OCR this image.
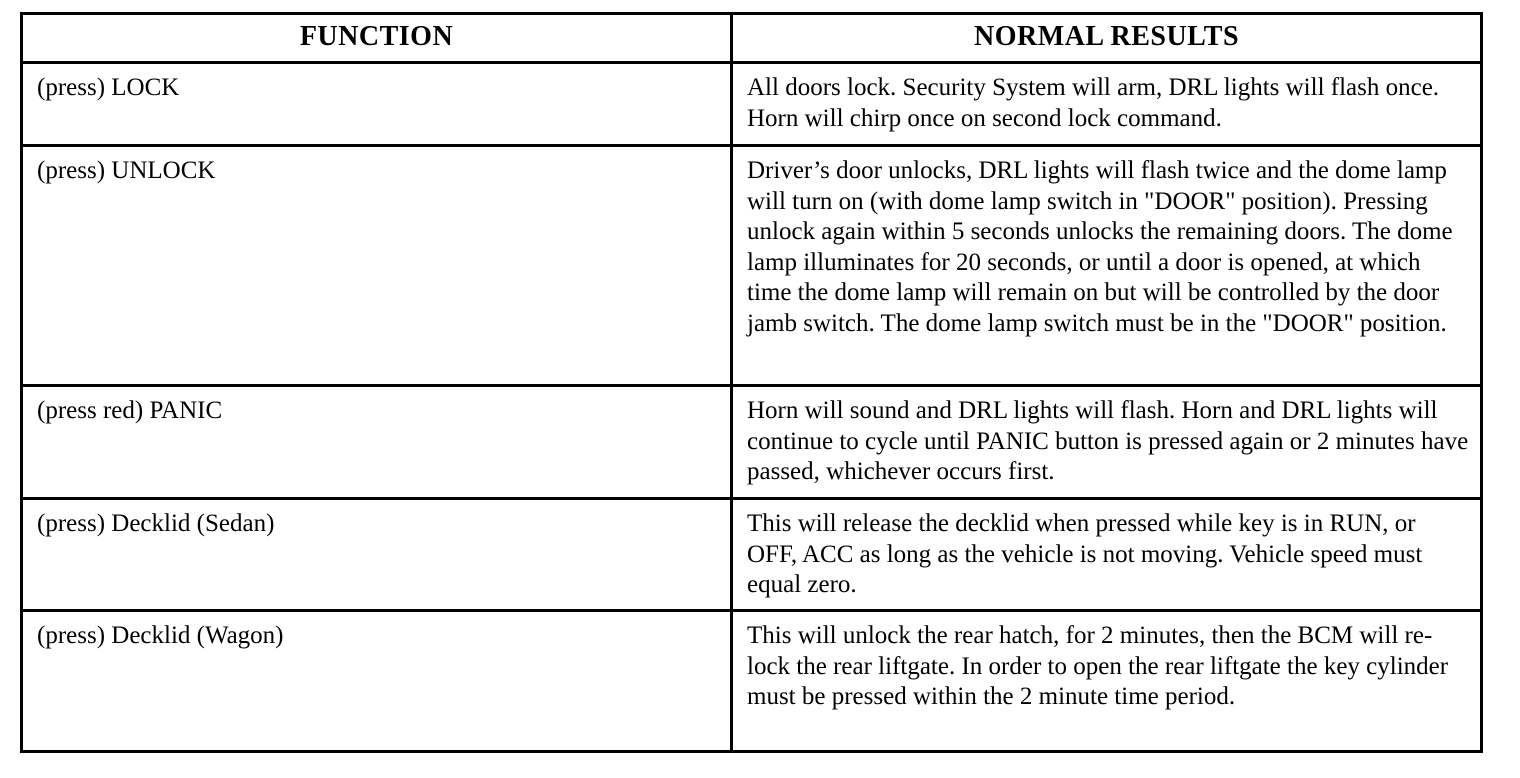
FUNCTION	NORMAL RESULTS
(press) LOCK	All doors lock. Security System will arm, DRL lights will flash once. Horn will chirp once on second lock command.
(press) UNLOCK	Driver’s door unlocks, DRL lights will flash twice and the dome lamp will turn on (with dome lamp switch in "DOOR" position). Pressing unlock again within 5 seconds unlocks the remaining doors. The dome lamp illuminates for 20 seconds, or until a door is opened, at which time the dome lamp will remain on but will be controlled by the door jamb switch. The dome lamp switch must be in the "DOOR" position.
(press red) PANIC	Horn will sound and DRL lights will flash. Horn and DRL lights will continue to cycle until PANIC button is pressed again or 2 minutes have passed, whichever occurs first.
(press) Decklid (Sedan)	This will release the decklid when pressed while key is in RUN, or OFF, ACC as long as the vehicle is not moving. Vehicle speed must equal zero.
(press) Decklid (Wagon)	This will unlock the rear hatch, for 2 minutes, then the BCM will re-lock the rear liftgate. In order to open the rear liftgate the key cylinder must be pressed within the 2 minute time period.
